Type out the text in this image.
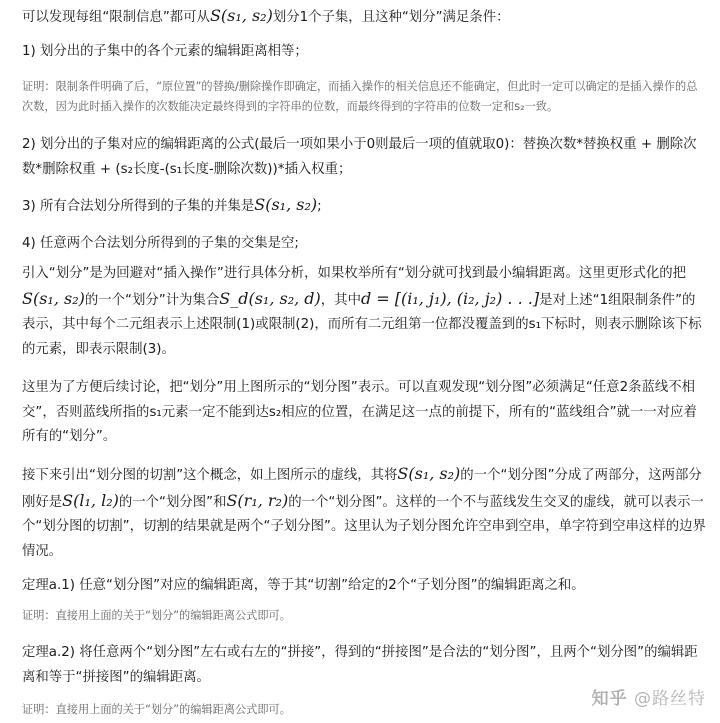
可以发现每组“限制信息”都可从S(s₁, s₂)划分1个子集，且这种“划分”满足条件：

1) 划分出的子集中的各个元素的编辑距离相等；

证明：限制条件明确了后，“原位置”的替换/删除操作即确定，而插入操作的相关信息还不能确定，但此时一定可以确定的是插入操作的总次数，因为此时插入操作的次数能决定最终得到的字符串的位数，而最终得到的字符串的位数一定和s₂一致。

2) 划分出的子集对应的编辑距离的公式(最后一项如果小于0则最后一项的值就取0)：替换次数*替换权重 + 删除次数*删除权重 + (s₂长度-(s₁长度-删除次数))*插入权重；

3) 所有合法划分所得到的子集的并集是S(s₁, s₂);

4) 任意两个合法划分所得到的子集的交集是空;

引入“划分”是为回避对“插入操作”进行具体分析，如果枚举所有“划分就可找到最小编辑距离。这里更形式化的把S(s₁, s₂)的一个“划分”计为集合S_d(s₁, s₂, d)，其中d = [(i₁, j₁), (i₂, j₂) . . .]是对上述“1组限制条件”的表示，其中每个二元组表示上述限制(1)或限制(2)，而所有二元组第一位都没覆盖到的s₁下标时，则表示删除该下标的元素，即表示限制(3)。

这里为了方便后续讨论，把“划分”用上图所示的“划分图”表示。可以直观发现“划分图”必须满足“任意2条蓝线不相交”，否则蓝线所指的s₁元素一定不能到达s₂相应的位置，在满足这一点的前提下，所有的“蓝线组合”就一一对应着所有的“划分”。

接下来引出“划分图的切割”这个概念，如上图所示的虚线，其将S(s₁, s₂)的一个“划分图”分成了两部分，这两部分刚好是S(l₁, l₂)的一个“划分图”和S(r₁, r₂)的一个“划分图”。这样的一个不与蓝线发生交叉的虚线，就可以表示一个“划分图的切割”，切割的结果就是两个“子划分图”。这里认为子划分图允许空串到空串，单字符到空串这样的边界情况。

定理a.1) 任意“划分图”对应的编辑距离，等于其“切割”给定的2个“子划分图”的编辑距离之和。

证明：直接用上面的关于“划分”的编辑距离公式即可。

定理a.2) 将任意两个“划分图”左右或右左的“拼接”，得到的“拼接图”是合法的“划分图”，且两个“划分图”的编辑距离和等于“拼接图”的编辑距离。

证明：直接用上面的关于“划分”的编辑距离公式即可。

知乎 @路丝特
